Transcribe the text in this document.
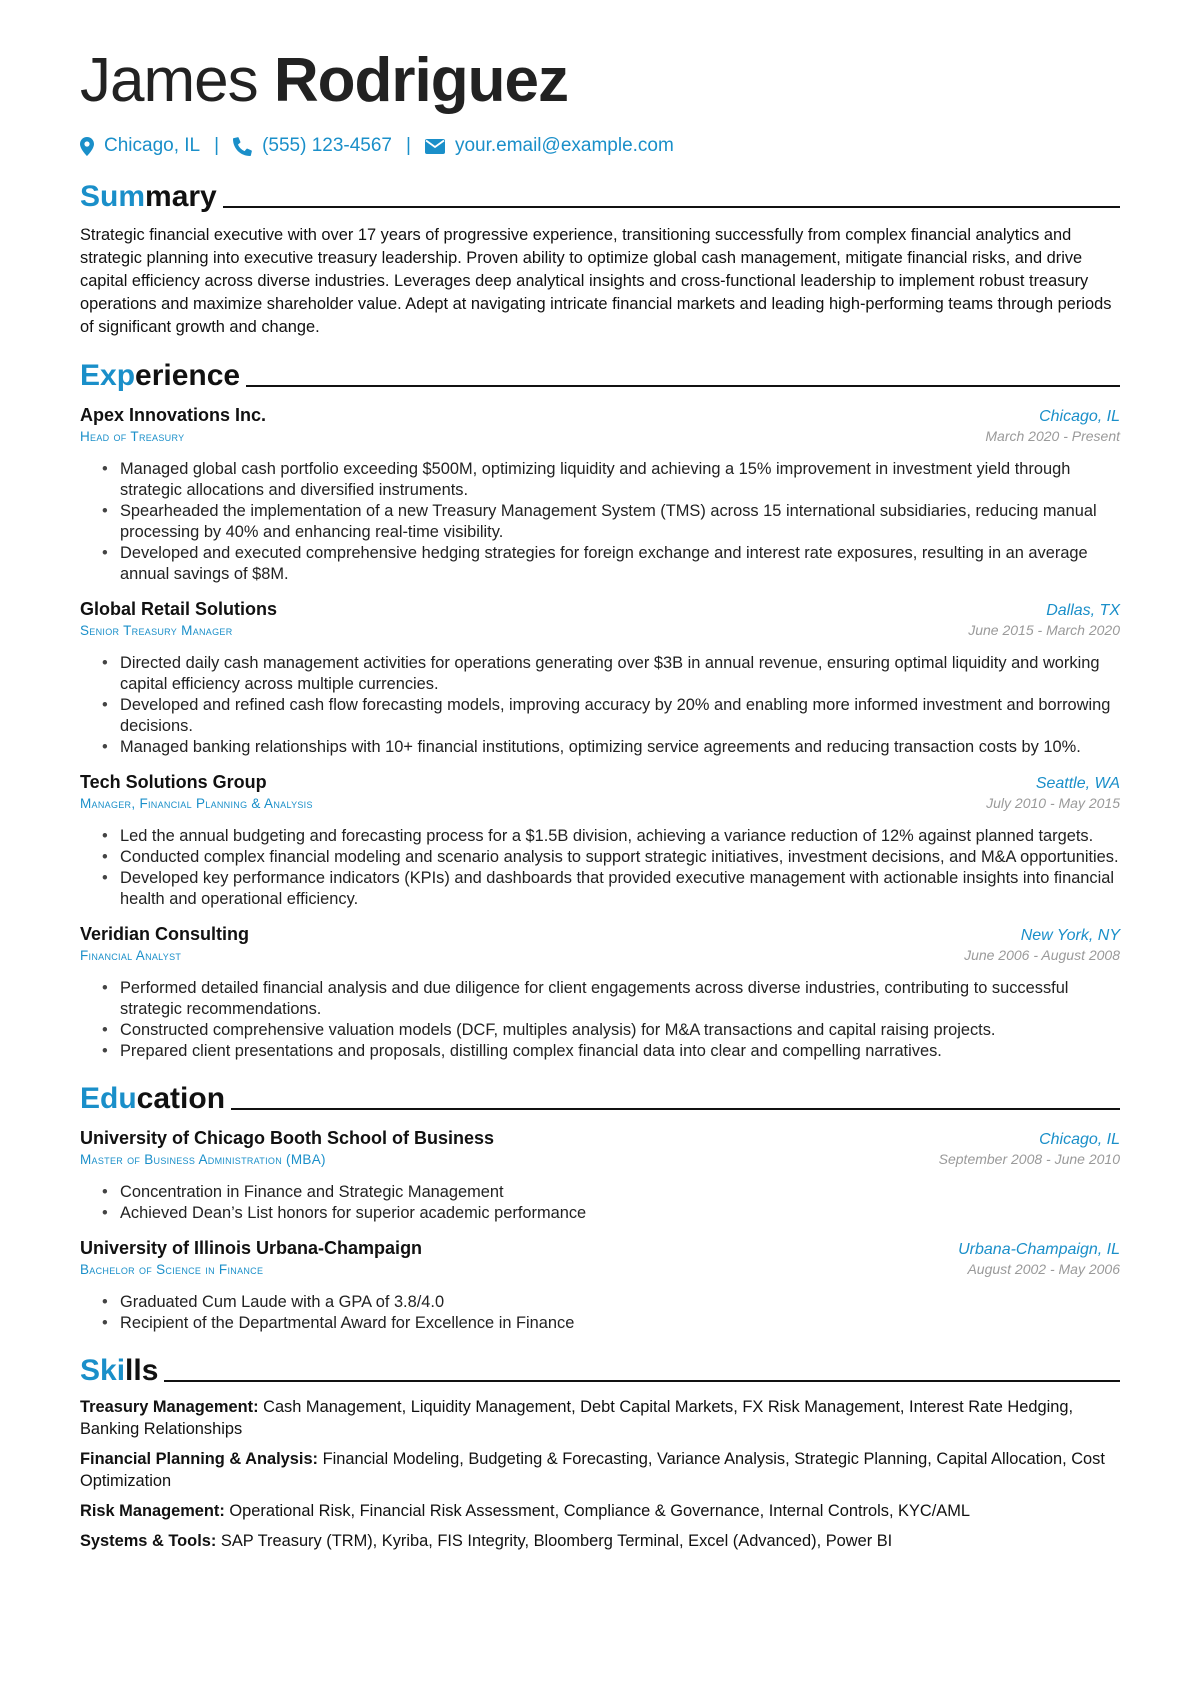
James Rodriguez
Chicago, IL | (555) 123-4567 | your.email@example.com
Summary

Strategic financial executive with over 17 years of progressive experience, transitioning successfully from complex financial analytics and strategic planning into executive treasury leadership. Proven ability to optimize global cash management, mitigate financial risks, and drive capital efficiency across diverse industries. Leverages deep analytical insights and cross-functional leadership to implement robust treasury operations and maximize shareholder value. Adept at navigating intricate financial markets and leading high-performing teams through periods of significant growth and change.

Experience
Apex Innovations Inc.	Chicago, IL
Head of Treasury	March 2020 - Present
• Managed global cash portfolio exceeding $500M, optimizing liquidity and achieving a 15% improvement in investment yield through strategic allocations and diversified instruments.
• Spearheaded the implementation of a new Treasury Management System (TMS) across 15 international subsidiaries, reducing manual processing by 40% and enhancing real-time visibility.
• Developed and executed comprehensive hedging strategies for foreign exchange and interest rate exposures, resulting in an average annual savings of $8M.
Global Retail Solutions	Dallas, TX
Senior Treasury Manager	June 2015 - March 2020
• Directed daily cash management activities for operations generating over $3B in annual revenue, ensuring optimal liquidity and working capital efficiency across multiple currencies.
• Developed and refined cash flow forecasting models, improving accuracy by 20% and enabling more informed investment and borrowing decisions.
• Managed banking relationships with 10+ financial institutions, optimizing service agreements and reducing transaction costs by 10%.
Tech Solutions Group	Seattle, WA
Manager, Financial Planning & Analysis	July 2010 - May 2015
• Led the annual budgeting and forecasting process for a $1.5B division, achieving a variance reduction of 12% against planned targets.
• Conducted complex financial modeling and scenario analysis to support strategic initiatives, investment decisions, and M&A opportunities.
• Developed key performance indicators (KPIs) and dashboards that provided executive management with actionable insights into financial health and operational efficiency.
Veridian Consulting	New York, NY
Financial Analyst	June 2006 - August 2008
• Performed detailed financial analysis and due diligence for client engagements across diverse industries, contributing to successful strategic recommendations.
• Constructed comprehensive valuation models (DCF, multiples analysis) for M&A transactions and capital raising projects.
• Prepared client presentations and proposals, distilling complex financial data into clear and compelling narratives.
Education
University of Chicago Booth School of Business	Chicago, IL
Master of Business Administration (MBA)	September 2008 - June 2010
• Concentration in Finance and Strategic Management
• Achieved Dean’s List honors for superior academic performance
University of Illinois Urbana-Champaign	Urbana-Champaign, IL
Bachelor of Science in Finance	August 2002 - May 2006
• Graduated Cum Laude with a GPA of 3.8/4.0
• Recipient of the Departmental Award for Excellence in Finance
Skills

Treasury Management: Cash Management, Liquidity Management, Debt Capital Markets, FX Risk Management, Interest Rate Hedging, Banking Relationships

Financial Planning & Analysis: Financial Modeling, Budgeting & Forecasting, Variance Analysis, Strategic Planning, Capital Allocation, Cost Optimization

Risk Management: Operational Risk, Financial Risk Assessment, Compliance & Governance, Internal Controls, KYC/AML

Systems & Tools: SAP Treasury (TRM), Kyriba, FIS Integrity, Bloomberg Terminal, Excel (Advanced), Power BI
